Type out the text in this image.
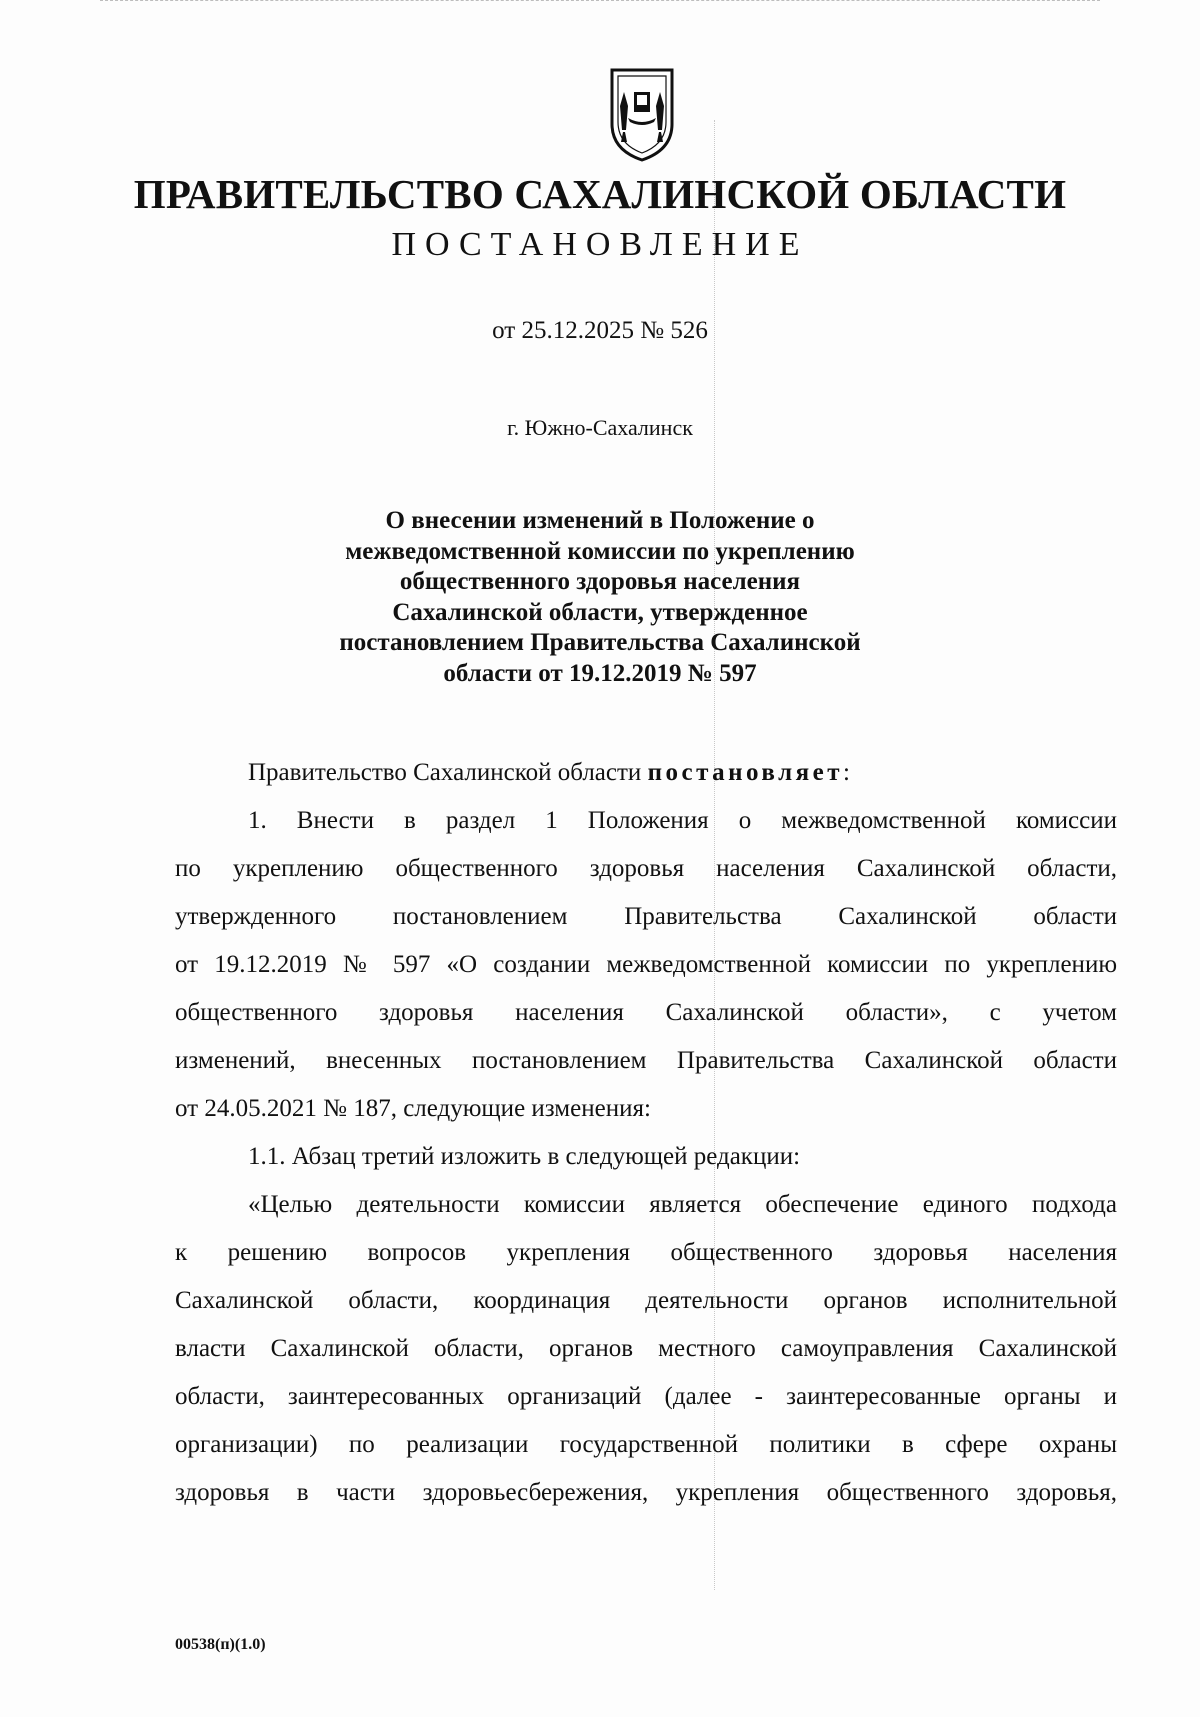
ПРАВИТЕЛЬСТВО САХАЛИНСКОЙ ОБЛАСТИ
ПОСТАНОВЛЕНИЕ
от 25.12.2025 № 526
г. Южно-Сахалинск
О внесении изменений в Положение о
межведомственной комиссии по укреплению
общественного здоровья населения
Сахалинской области, утвержденное
постановлением Правительства Сахалинской
области от 19.12.2019 № 597
Правительство Сахалинской области постановляет:
1. Внести в раздел 1 Положения о межведомственной комиссии
по укреплению общественного здоровья населения Сахалинской области,
утвержденного постановлением Правительства Сахалинской области
от 19.12.2019 № 597 «О создании межведомственной комиссии по укреплению
общественного здоровья населения Сахалинской области», с учетом
изменений, внесенных постановлением Правительства Сахалинской области
от 24.05.2021 № 187, следующие изменения:
1.1. Абзац третий изложить в следующей редакции:
«Целью деятельности комиссии является обеспечение единого подхода
к решению вопросов укрепления общественного здоровья населения
Сахалинской области, координация деятельности органов исполнительной
власти Сахалинской области, органов местного самоуправления Сахалинской
области, заинтересованных организаций (далее - заинтересованные органы и
организации) по реализации государственной политики в сфере охраны
здоровья в части здоровьесбережения, укрепления общественного здоровья,
00538(п)(1.0)
